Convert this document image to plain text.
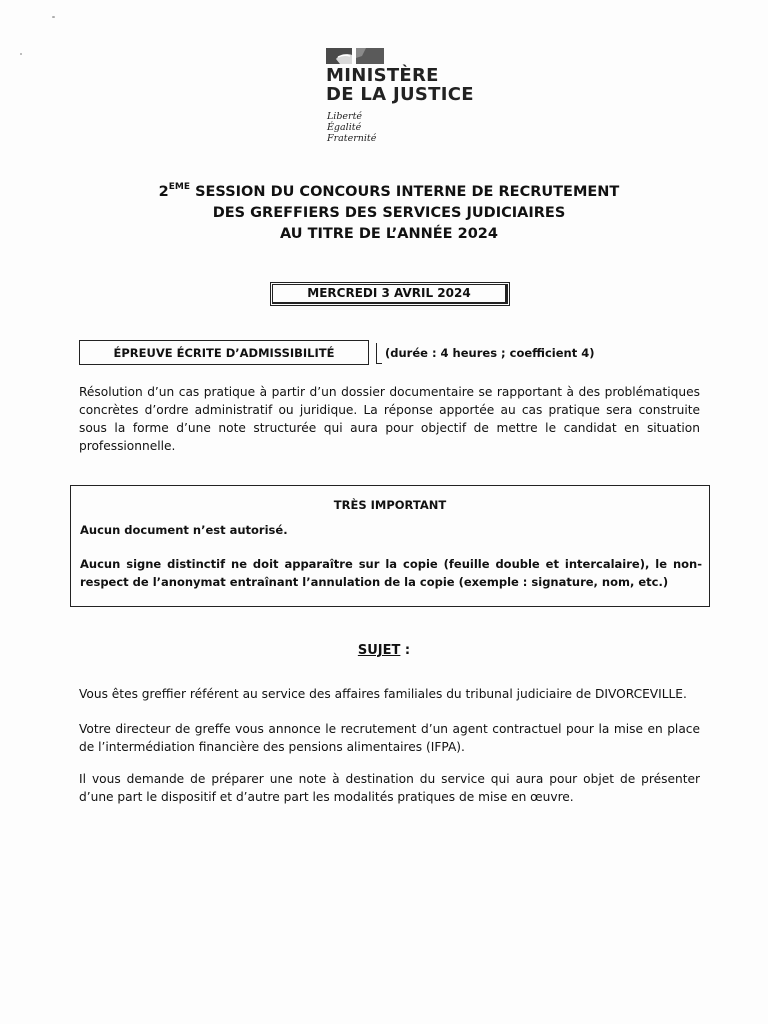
MINISTÈRE
DE LA JUSTICE
Liberté
Égalité
Fraternité
2EME SESSION DU CONCOURS INTERNE DE RECRUTEMENT
DES GREFFIERS DES SERVICES JUDICIAIRES
AU TITRE DE L’ANNÉE 2024
MERCREDI 3 AVRIL 2024
ÉPREUVE ÉCRITE D’ADMISSIBILITÉ	(durée : 4 heures ; coefficient 4)
Résolution d’un cas pratique à partir d’un dossier documentaire se rapportant à des problématiques concrètes d’ordre administratif ou juridique. La réponse apportée au cas pratique sera construite sous la forme d’une note structurée qui aura pour objectif de mettre le candidat en situation professionnelle.
TRÈS IMPORTANT
Aucun document n’est autorisé.
Aucun signe distinctif ne doit apparaître sur la copie (feuille double et intercalaire), le non-respect de l’anonymat entraînant l’annulation de la copie (exemple : signature, nom, etc.)
SUJET :
Vous êtes greffier référent au service des affaires familiales du tribunal judiciaire de DIVORCEVILLE.
Votre directeur de greffe vous annonce le recrutement d’un agent contractuel pour la mise en place de l’intermédiation financière des pensions alimentaires (IFPA).
Il vous demande de préparer une note à destination du service qui aura pour objet de présenter d’une part le dispositif et d’autre part les modalités pratiques de mise en œuvre.
